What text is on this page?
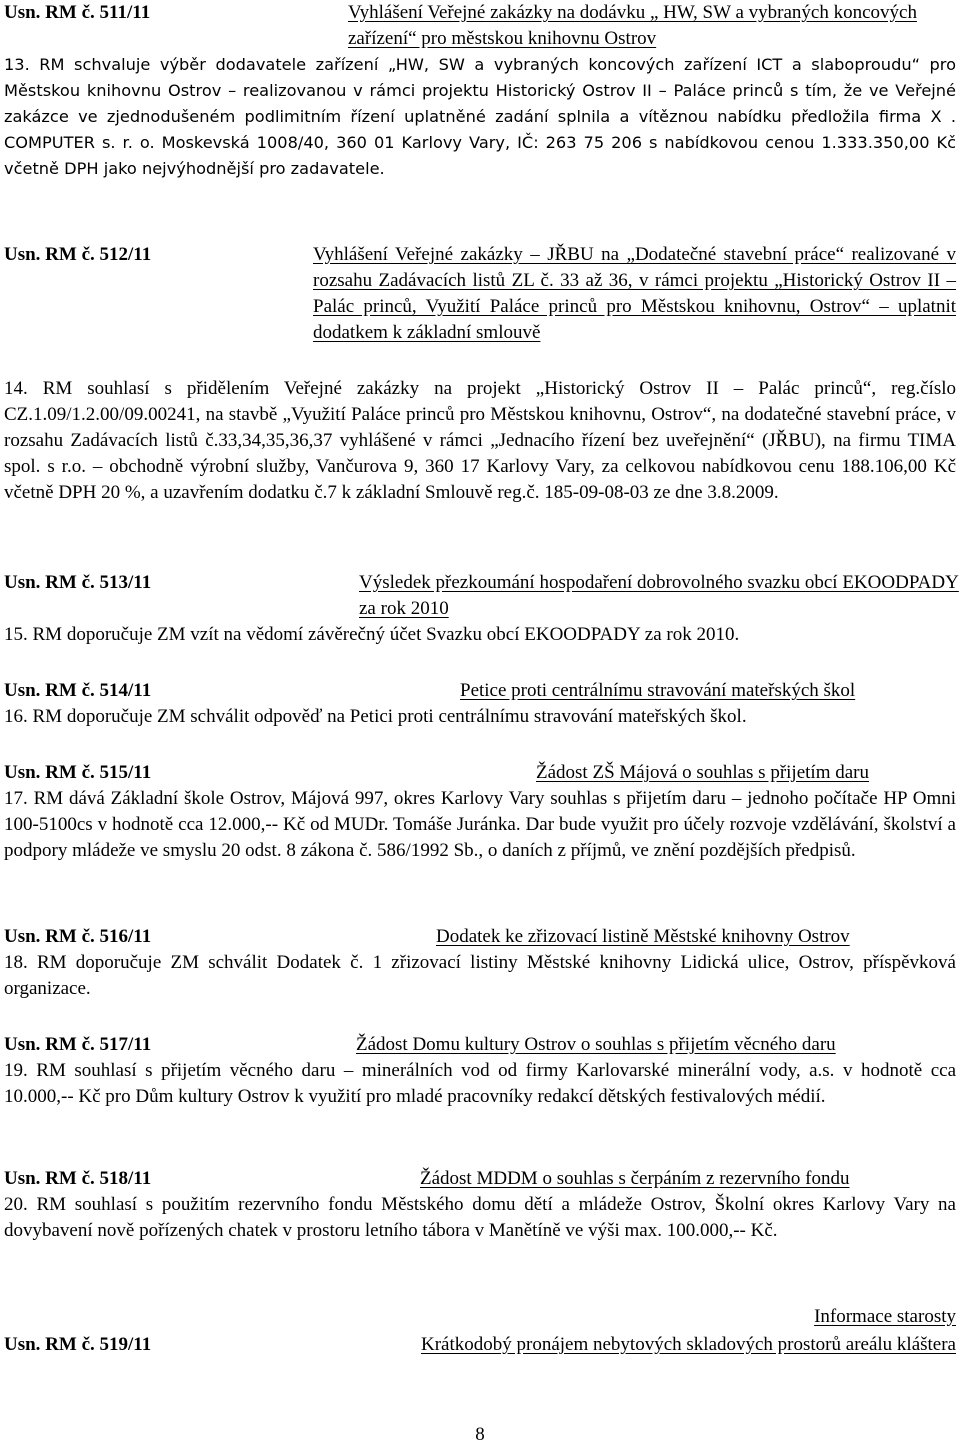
Usn. RM č. 511/11	Vyhlášení Veřejné zakázky na dodávku „ HW, SW a vybraných koncových zařízení“ pro městskou knihovnu Ostrov

13. RM schvaluje výběr dodavatele zařízení „HW, SW a vybraných koncových zařízení ICT a slaboproudu“ pro Městskou knihovnu Ostrov – realizovanou v rámci projektu Historický Ostrov II – Paláce princů s tím, že ve Veřejné zakázce ve zjednodušeném podlimitním řízení uplatněné zadání splnila a vítěznou nabídku předložila firma X . COMPUTER s. r. o. Moskevská 1008/40, 360 01 Karlovy Vary, IČ: 263 75 206 s nabídkovou cenou 1.333.350,00 Kč včetně DPH jako nejvýhodnější pro zadavatele.

Usn. RM č. 512/11	Vyhlášení Veřejné zakázky – JŘBU na „Dodatečné stavební práce“ realizované v rozsahu Zadávacích listů ZL č. 33 až 36, v rámci projektu „Historický Ostrov II – Palác princů, Využití Paláce princů pro Městskou knihovnu, Ostrov“ – uplatnit dodatkem k základní smlouvě

14. RM souhlasí s přidělením Veřejné zakázky na projekt „Historický Ostrov II – Palác princů“, reg.číslo CZ.1.09/1.2.00/09.00241, na stavbě „Využití Paláce princů pro Městskou knihovnu, Ostrov“, na dodatečné stavební práce, v rozsahu Zadávacích listů č.33,34,35,36,37 vyhlášené v rámci „Jednacího řízení bez uveřejnění“ (JŘBU), na firmu TIMA spol. s r.o. – obchodně výrobní služby, Vančurova 9, 360 17 Karlovy Vary, za celkovou nabídkovou cenu 188.106,00 Kč včetně DPH 20 %, a uzavřením dodatku č.7 k základní Smlouvě reg.č. 185-09-08-03 ze dne 3.8.2009.

Usn. RM č. 513/11	Výsledek přezkoumání hospodaření dobrovolného svazku obcí EKOODPADY za rok 2010

15. RM doporučuje ZM vzít na vědomí závěrečný účet Svazku obcí EKOODPADY za rok 2010.

Usn. RM č. 514/11	Petice proti centrálnímu stravování mateřských škol

16. RM doporučuje ZM schválit odpověď na Petici proti centrálnímu stravování mateřských škol.

Usn. RM č. 515/11	Žádost ZŠ Májová o souhlas s přijetím daru

17. RM dává Základní škole Ostrov, Májová 997, okres Karlovy Vary souhlas s přijetím daru – jednoho počítače HP Omni 100-5100cs v hodnotě cca 12.000,-- Kč od MUDr. Tomáše Juránka. Dar bude využit pro účely rozvoje vzdělávání, školství a podpory mládeže ve smyslu 20 odst. 8 zákona č. 586/1992 Sb., o daních z příjmů, ve znění pozdějších předpisů.

Usn. RM č. 516/11	Dodatek ke zřizovací listině Městské knihovny Ostrov

18. RM doporučuje ZM schválit Dodatek č. 1 zřizovací listiny Městské knihovny Lidická ulice, Ostrov, příspěvková organizace.

Usn. RM č. 517/11	Žádost Domu kultury Ostrov o souhlas s přijetím věcného daru

19. RM souhlasí s přijetím věcného daru – minerálních vod od firmy Karlovarské minerální vody, a.s. v hodnotě cca 10.000,-- Kč pro Dům kultury Ostrov k využití pro mladé pracovníky redakcí dětských festivalových médií.

Usn. RM č. 518/11	Žádost MDDM o souhlas s čerpáním z rezervního fondu

20. RM souhlasí s použitím rezervního fondu Městského domu dětí a mládeže Ostrov, Školní okres Karlovy Vary na dovybavení nově pořízených chatek v prostoru letního tábora v Manětíně ve výši max. 100.000,-- Kč.

Informace starosty
Usn. RM č. 519/11	Krátkodobý pronájem nebytových skladových prostorů areálu kláštera
8
